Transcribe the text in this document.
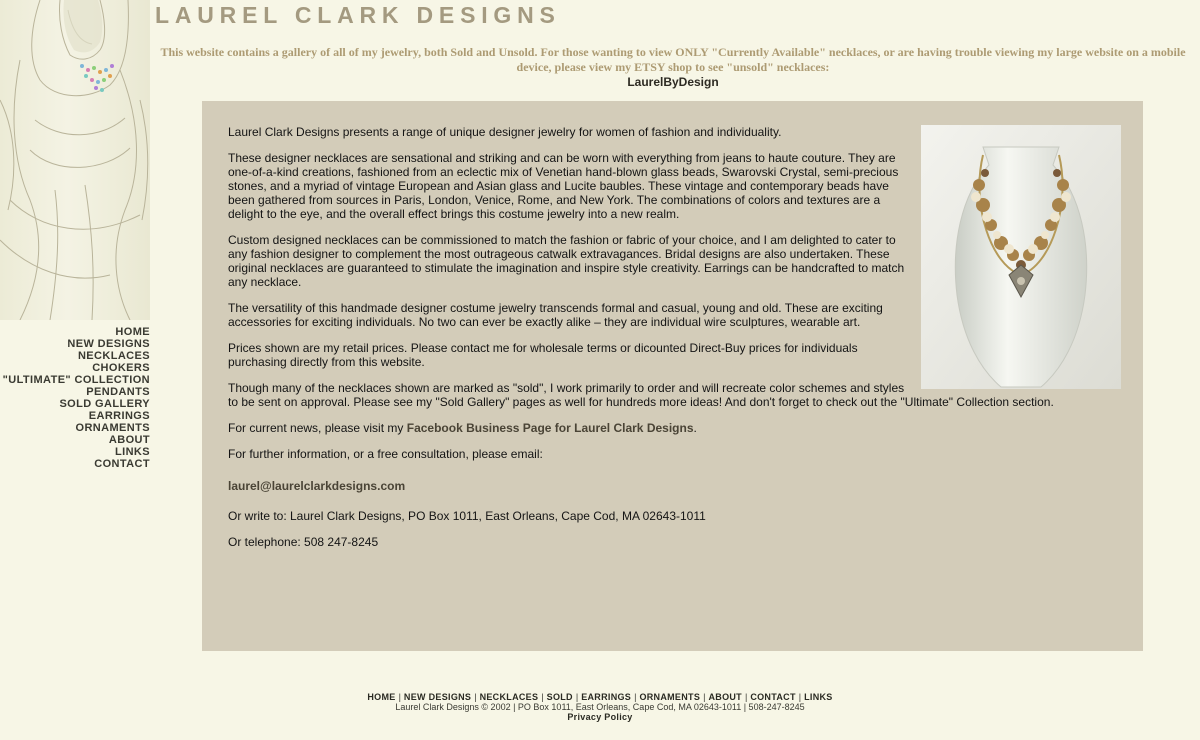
HOME
NEW DESIGNS
NECKLACES
CHOKERS
"ULTIMATE" COLLECTION
PENDANTS
SOLD GALLERY
EARRINGS
ORNAMENTS
ABOUT
LINKS
CONTACT
LAUREL CLARK DESIGNS
This website contains a gallery of all of my jewelry, both Sold and Unsold. For those wanting to view ONLY "Currently Available" necklaces, or are having trouble viewing my large website on a mobile device, please view my ETSY shop to see "unsold" necklaces:
LaurelByDesign

Laurel Clark Designs presents a range of unique designer jewelry for women of fashion and individuality.

These designer necklaces are sensational and striking and can be worn with everything from jeans to haute couture. They are one-of-a-kind creations, fashioned from an eclectic mix of Venetian hand-blown glass beads, Swarovski Crystal, semi-precious stones, and a myriad of vintage European and Asian glass and Lucite baubles. These vintage and contemporary beads have been gathered from sources in Paris, London, Venice, Rome, and New York. The combinations of colors and textures are a delight to the eye, and the overall effect brings this costume jewelry into a new realm.

Custom designed necklaces can be commissioned to match the fashion or fabric of your choice, and I am delighted to cater to any fashion designer to complement the most outrageous catwalk extravagances. Bridal designs are also undertaken. These original necklaces are guaranteed to stimulate the imagination and inspire style creativity. Earrings can be handcrafted to match any necklace.

The versatility of this handmade designer costume jewelry transcends formal and casual, young and old. These are exciting accessories for exciting individuals. No two can ever be exactly alike – they are individual wire sculptures, wearable art.

Prices shown are my retail prices. Please contact me for wholesale terms or dicounted Direct-Buy prices for individuals purchasing directly from this website.

Though many of the necklaces shown are marked as "sold", I work primarily to order and will recreate color schemes and styles to be sent on approval. Please see my "Sold Gallery" pages as well for hundreds more ideas! And don't forget to check out the "Ultimate" Collection section.

For current news, please visit my Facebook Business Page for Laurel Clark Designs.

For further information, or a free consultation, please email:

laurel@laurelclarkdesigns.com

Or write to: Laurel Clark Designs, PO Box 1011, East Orleans, Cape Cod, MA 02643-1011

Or telephone: 508 247-8245

HOME | NEW DESIGNS | NECKLACES | SOLD | EARRINGS | ORNAMENTS | ABOUT | CONTACT | LINKS
Laurel Clark Designs © 2002 | PO Box 1011, East Orleans, Cape Cod, MA 02643-1011 | 508-247-8245
Privacy Policy
